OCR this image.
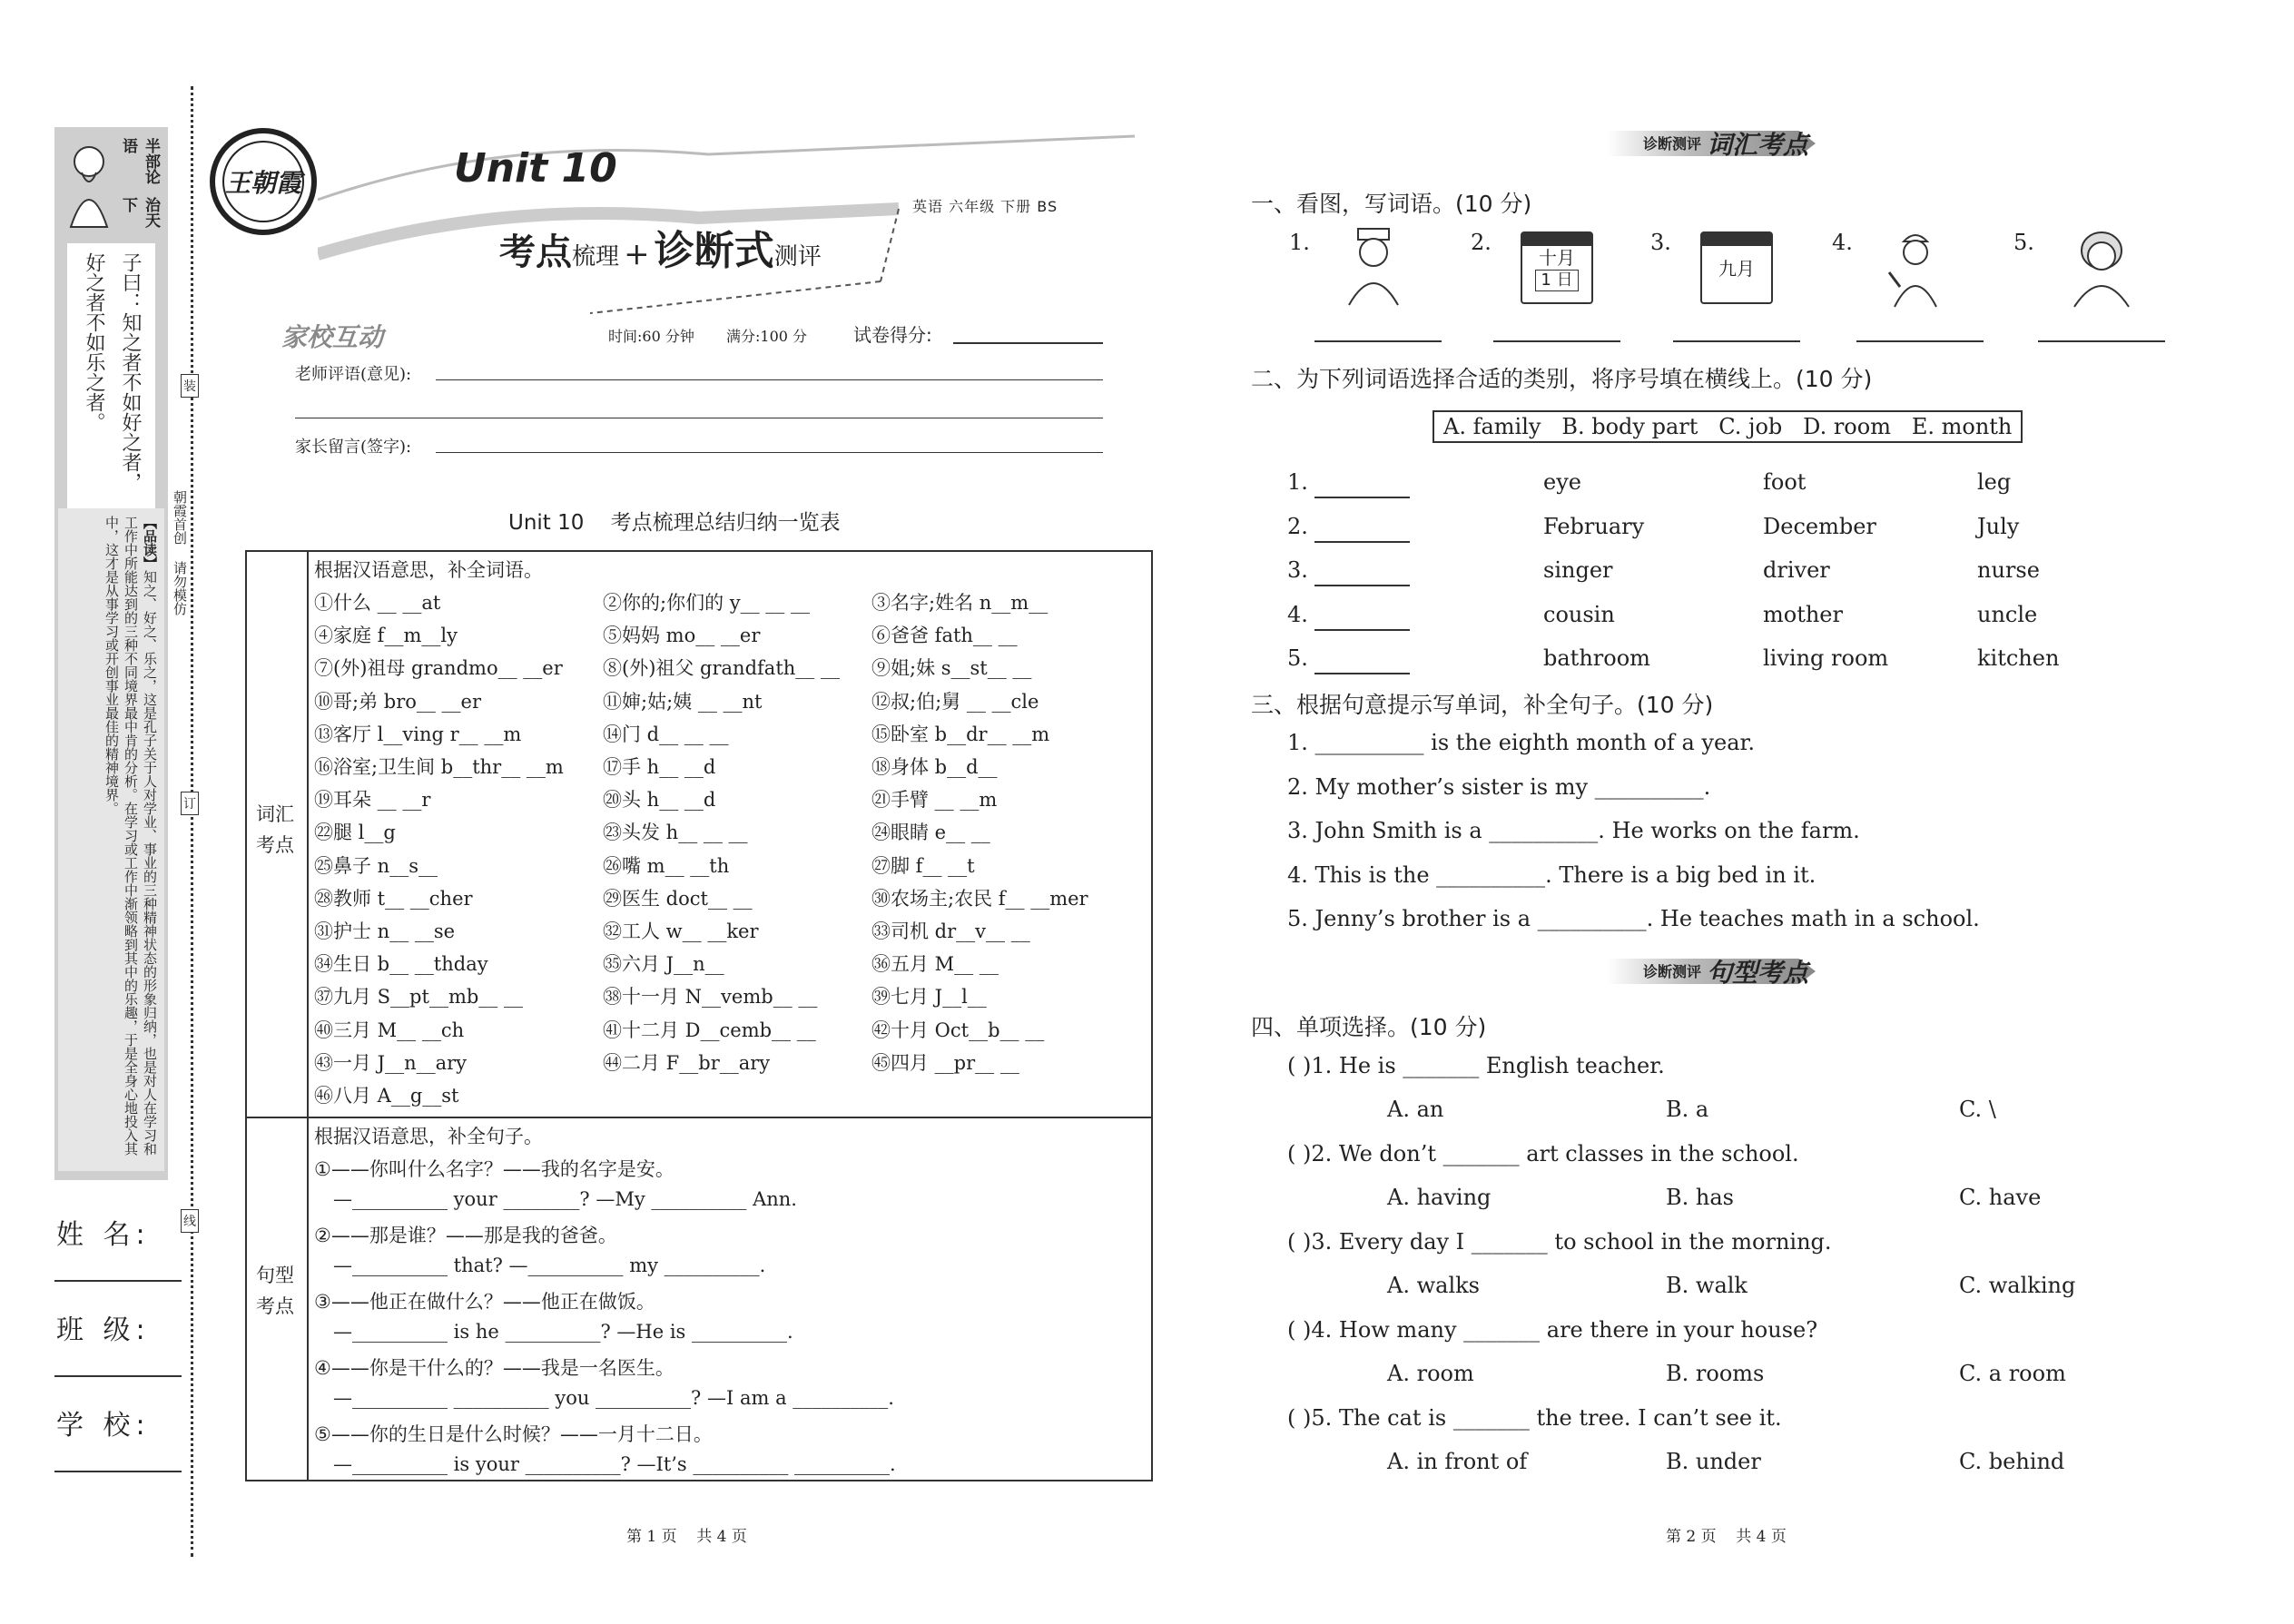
半部论语
治天下
子曰：知之者不如好之者，
好之者不如乐之者。
【品读】知之、好之、乐之，这是孔子关于人对学业、事业的三种精神状态的形象归纳，也是对人在学习和工作中所能达到的三种不同境界最中肯的分析。在学习或工作中渐领略到其中的乐趣，于是全身心地投入其中，这才是从事学习或开创事业最佳的精神境界。	朝霞首创 请勿模仿
姓 名:
班 级:
学 校:
装
订
线
王朝霞	Unit 10
考点梳理 + 诊断式测评
英语 六年级 下册 BS
家校互动	时间:60 分钟 满分:100 分	试卷得分:
老师评语(意见):
家长留言(签字):
Unit 10    考点梳理总结归纳一览表
词汇
考点
句型
考点
根据汉语意思，补全词语。
①什么 __ __at	②你的;你们的 y__ __ __	③名字;姓名 n__m__
④家庭 f__m__ly	⑤妈妈 mo__ __er	⑥爸爸 fath__ __
⑦(外)祖母 grandmo__ __er ⑧(外)祖父 grandfath__ __ ⑨姐;妹 s__st__ __
⑩哥;弟 bro__ __er	⑪婶;姑;姨 __ __nt	⑫叔;伯;舅 __ __cle
⑬客厅 l__ving r__ __m	⑭门 d__ __ __	⑮卧室 b__dr__ __m
⑯浴室;卫生间 b__thr__ __m ⑰手 h__ __d	⑱身体 b__d__
⑲耳朵 __ __r	⑳头 h__ __d	㉑手臂 __ __m
㉒腿 l__g	㉓头发 h__ __ __	㉔眼睛 e__ __
㉕鼻子 n__s__	㉖嘴 m__ __th	㉗脚 f__ __t
㉘教师 t__ __cher	㉙医生 doct__ __	㉚农场主;农民 f__ __mer
㉛护士 n__ __se	㉜工人 w__ __ker	㉝司机 dr__v__ __
㉞生日 b__ __thday	㉟六月 J__n__	㊱五月 M__ __
㊲九月 S__pt__mb__ __	㊳十一月 N__vemb__ __	㊴七月 J__l__
㊵三月 M__ __ch	㊶十二月 D__cemb__ __	㊷十月 Oct__b__ __
㊸一月 J__n__ary	㊹二月 F__br__ary	㊺四月 __pr__ __
㊻八月 A__g__st
根据汉语意思，补全句子。
①——你叫什么名字？——我的名字是安。
—__________ your ________? —My __________ Ann.
②——那是谁？——那是我的爸爸。
—__________ that? —__________ my __________.
③——他正在做什么？——他正在做饭。
—__________ is he __________? —He is __________.
④——你是干什么的？——我是一名医生。
—__________ __________ you __________? —I am a __________.
⑤——你的生日是什么时候？——一月十二日。
—__________ is your __________? —It’s __________ __________.
第 1 页    共 4 页
诊断测评 词汇考点
一、看图，写词语。(10 分)
1.	2.
十月
1 日
3.
九月
4.	5.
二、为下列词语选择合适的类别，将序号填在横线上。(10 分)
A. family   B. body part   C. job   D. room   E. month
1.	eye	foot	leg
2.	February	December	July
3.	singer	driver	nurse
4.	cousin	mother	uncle
5.	bathroom	living room	kitchen
三、根据句意提示写单词，补全句子。(10 分)
1. __________ is the eighth month of a year.
2. My mother’s sister is my __________.
3. John Smith is a __________. He works on the farm.
4. This is the __________. There is a big bed in it.
5. Jenny’s brother is a __________. He teaches math in a school.
诊断测评 句型考点
四、单项选择。(10 分)
( )1. He is _______ English teacher.
A. an	B. a	C. \
( )2. We don’t _______ art classes in the school.
A. having	B. has	C. have
( )3. Every day I _______ to school in the morning.
A. walks	B. walk	C. walking
( )4. How many _______ are there in your house?
A. room	B. rooms	C. a room
( )5. The cat is _______ the tree. I can’t see it.
A. in front of	B. under	C. behind
第 2 页    共 4 页
